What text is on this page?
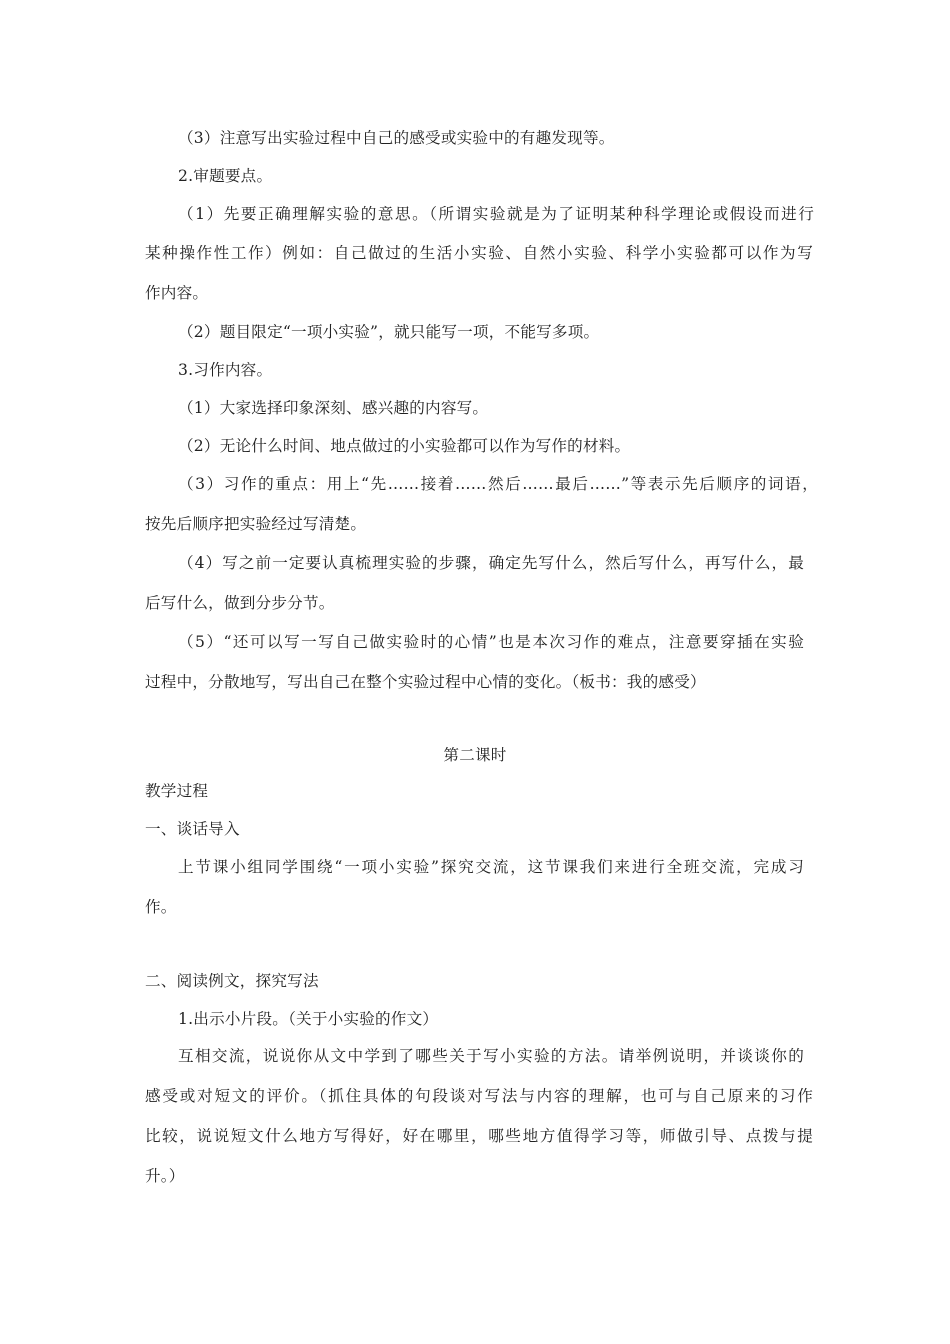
（3）注意写出实验过程中自己的感受或实验中的有趣发现等。
2.审题要点。
（1）先要正确理解实验的意思。（所谓实验就是为了证明某种科学理论或假设而进行
某种操作性工作）例如：自己做过的生活小实验、自然小实验、科学小实验都可以作为写
作内容。
（2）题目限定“一项小实验”，就只能写一项，不能写多项。
3.习作内容。
（1）大家选择印象深刻、感兴趣的内容写。
（2）无论什么时间、地点做过的小实验都可以作为写作的材料。
（3）习作的重点：用上“先……接着……然后……最后……”等表示先后顺序的词语，
按先后顺序把实验经过写清楚。
（4）写之前一定要认真梳理实验的步骤，确定先写什么，然后写什么，再写什么，最
后写什么，做到分步分节。
（5）“还可以写一写自己做实验时的心情”也是本次习作的难点，注意要穿插在实验
过程中，分散地写，写出自己在整个实验过程中心情的变化。（板书：我的感受）
第二课时
教学过程
一、谈话导入
上节课小组同学围绕“一项小实验”探究交流，这节课我们来进行全班交流，完成习
作。
二、阅读例文，探究写法
1.出示小片段。（关于小实验的作文）
互相交流，说说你从文中学到了哪些关于写小实验的方法。请举例说明，并谈谈你的
感受或对短文的评价。（抓住具体的句段谈对写法与内容的理解，也可与自己原来的习作
比较，说说短文什么地方写得好，好在哪里，哪些地方值得学习等，师做引导、点拨与提
升。）
